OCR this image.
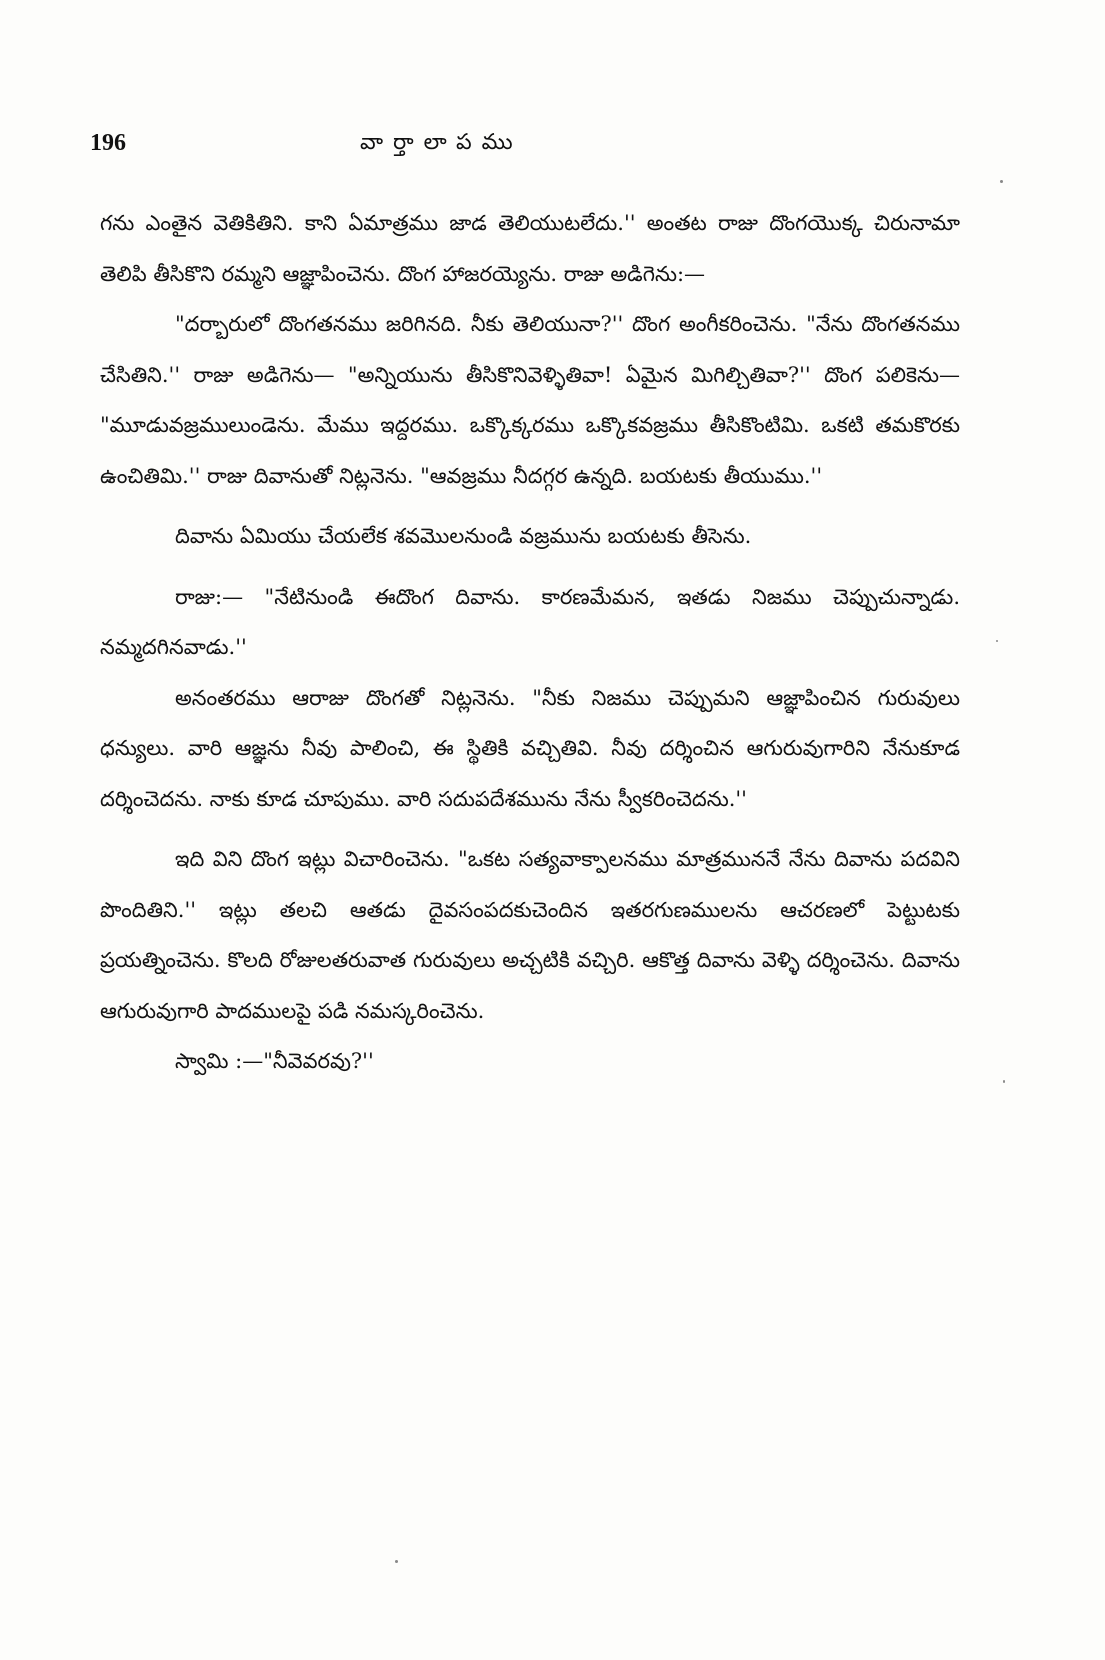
196	వార్తాలాపము

గను ఎంతైన వెతికితిని. కాని ఏమాత్రము జాడ తెలియుటలేదు.'' అంతట రాజు దొంగయొక్క చిరునామా తెలిపి తీసికొని రమ్మని ఆజ్ఞాపించెను. దొంగ హాజరయ్యెను. రాజు అడిగెను:—

"దర్బారులో దొంగతనము జరిగినది. నీకు తెలియునా?'' దొంగ అంగీకరించెను. "నేను దొంగతనము చేసితిని.'' రాజు అడిగెను— "అన్నియును తీసికొనివెళ్ళితివా! ఏమైన మిగిల్చితివా?'' దొంగ పలికెను— "మూడువజ్రములుండెను. మేము ఇద్దరము. ఒక్కొక్కరము ఒక్కొకవజ్రము తీసికొంటిమి. ఒకటి తమకొరకు ఉంచితిమి.'' రాజు దివానుతో నిట్లనెను. "ఆవజ్రము నీదగ్గర ఉన్నది. బయటకు తీయుము.''

దివాను ఏమియు చేయలేక శవమొలనుండి వజ్రమును బయటకు తీసెను.

రాజు:— "నేటినుండి ఈదొంగ దివాను. కారణమేమన, ఇతడు నిజము చెప్పుచున్నాడు. నమ్మదగినవాడు.''

అనంతరము ఆరాజు దొంగతో నిట్లనెను. "నీకు నిజము చెప్పుమని ఆజ్ఞాపించిన గురువులు ధన్యులు. వారి ఆజ్ఞను నీవు పాలించి, ఈ స్థితికి వచ్చితివి. నీవు దర్శించిన ఆగురువుగారిని నేనుకూడ దర్శించెదను. నాకు కూడ చూపుము. వారి సదుపదేశమును నేను స్వీకరించెదను.''

ఇది విని దొంగ ఇట్లు విచారించెను. "ఒకట సత్యవాక్పాలనము మాత్రముననే నేను దివాను పదవిని పొందితిని.'' ఇట్లు తలచి ఆతడు దైవసంపదకుచెందిన ఇతరగుణములను ఆచరణలో పెట్టుటకు ప్రయత్నించెను. కొలది రోజులతరువాత గురువులు అచ్చటికి వచ్చిరి. ఆకొత్త దివాను వెళ్ళి దర్శించెను. దివాను ఆగురువుగారి పాదములపై పడి నమస్కరించెను.

స్వామి :—"నీవెవరవు?''
